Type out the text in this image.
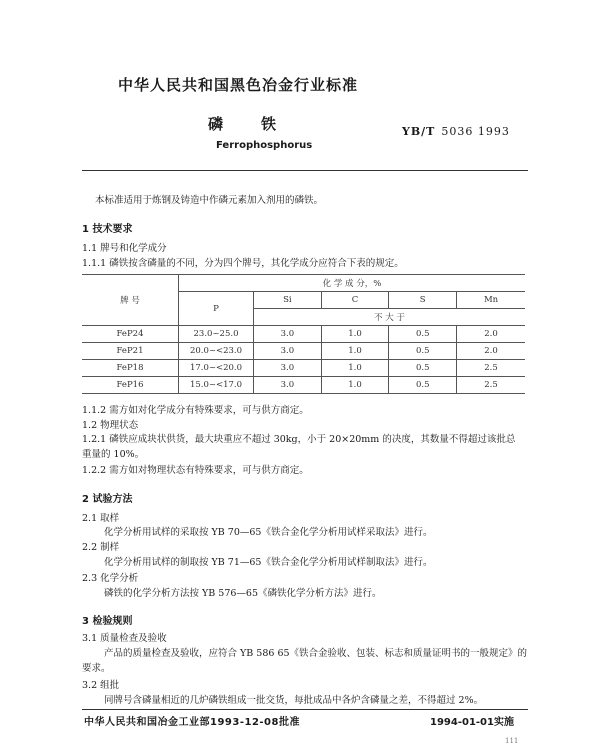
中华人民共和国黑色冶金行业标准
磷铁	YB/T 5036 1993
Ferrophosphorus
本标准适用于炼钢及铸造中作磷元素加入剂用的磷铁。
1 技术要求
1.1 牌号和化学成分
1.1.1 磷铁按含磷量的不同，分为四个牌号，其化学成分应符合下表的规定。
牌 号	化 学 成 分，%				
	P	Si	C	S	Mn
		不 大 于			
FeP24	23.0~25.0	3.0	1.0	0.5	2.0
FeP21	20.0~<23.0	3.0	1.0	0.5	2.0
FeP18	17.0~<20.0	3.0	1.0	0.5	2.5
FeP16	15.0~<17.0	3.0	1.0	0.5	2.5
1.1.2 需方如对化学成分有特殊要求，可与供方商定。
1.2 物理状态
1.2.1 磷铁应成块状供货，最大块重应不超过 30kg，小于 20×20mm 的决度，其数量不得超过该批总
重量的 10%。
1.2.2 需方如对物理状态有特殊要求，可与供方商定。
2 试验方法
2.1 取样
化学分析用试样的采取按 YB 70—65《铁合金化学分析用试样采取法》进行。
2.2 制样
化学分析用试样的制取按 YB 71—65《铁合金化学分析用试样制取法》进行。
2.3 化学分析
磷铁的化学分析方法按 YB 576—65《磷铁化学分析方法》进行。
3 检验规则
3.1 质量检查及验收
产品的质量检查及验收，应符合 YB 586 65《铁合金验收、包装、标志和质量证明书的一般规定》的
要求。
3.2 组批
同牌号含磷量相近的几炉磷铁组成一批交货，每批成品中各炉含磷量之差，不得超过 2%。
中华人民共和国冶金工业部1993-12-08批准	1994-01-01实施
111
